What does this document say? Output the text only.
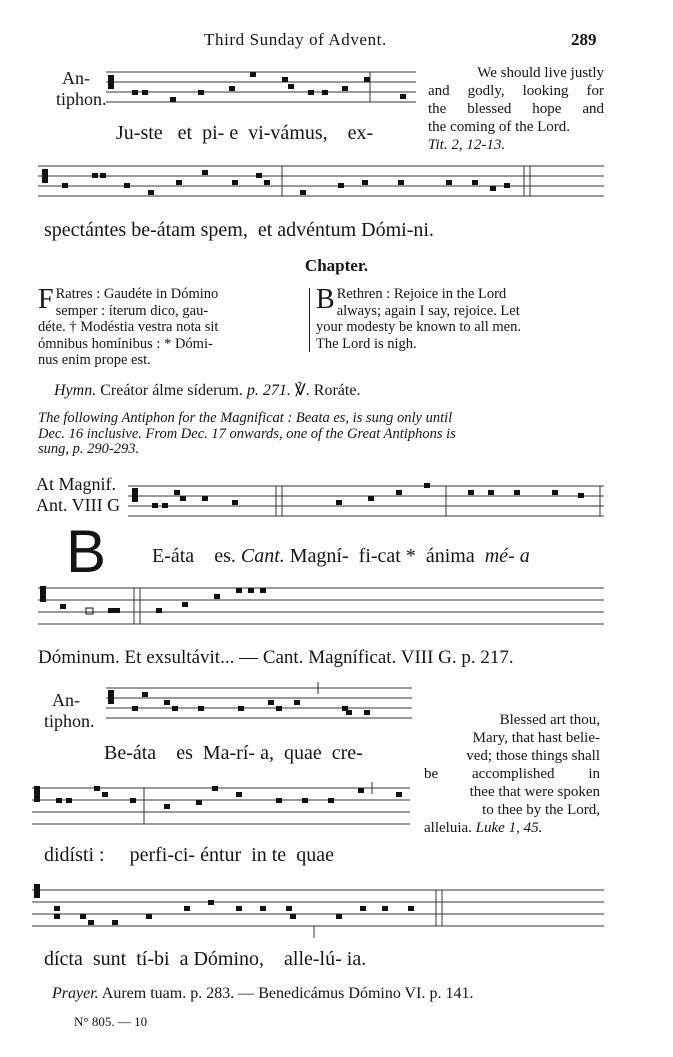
Third Sunday of Advent.	289
An-
tiphon.
Ju-ste et pi- e vi-vámus, ex-
We should live justly
and godly, looking for
the blessed hope and
the coming of the Lord.
Tit. 2, 12-13.
spectántes be-átam spem, et advéntum Dómi-ni.
Chapter.
F Ratres : Gaudéte in Dómino
semper : íterum dico, gau-
déte. † Modéstia vestra nota sit
ómnibus homínibus : * Dómi-
nus enim prope est.
B Rethren : Rejoice in the Lord
always; again I say, rejoice. Let
your modesty be known to all men.
The Lord is nigh.
Hymn. Creátor álme síderum. p. 271. ℣. Roráte.
The following Antiphon for the Magnificat : Beata es, is sung only until
Dec. 16 inclusive. From Dec. 17 onwards, one of the Great Antiphons is
sung, p. 290-293.
At Magnif.
Ant. VIII G
B E-áta es. Cant. Magní- fi-cat * ánima mé- a
Dóminum. Et exsultávit... — Cant. Magníficat. VIII G. p. 217.
An-
tiphon.
Be-áta es Ma-rí- a, quae cre-
Blessed art thou,
Mary, that hast belie-
ved; those things shall
be accomplished in
thee that were spoken
to thee by the Lord,
alleluia. Luke 1, 45.
didísti : perfi-ci- éntur in te quae
dícta sunt tí-bi a Dómino, alle-lú- ia.
Prayer. Aurem tuam. p. 283. — Benedicámus Dómino VI. p. 141.
N° 805. — 10
